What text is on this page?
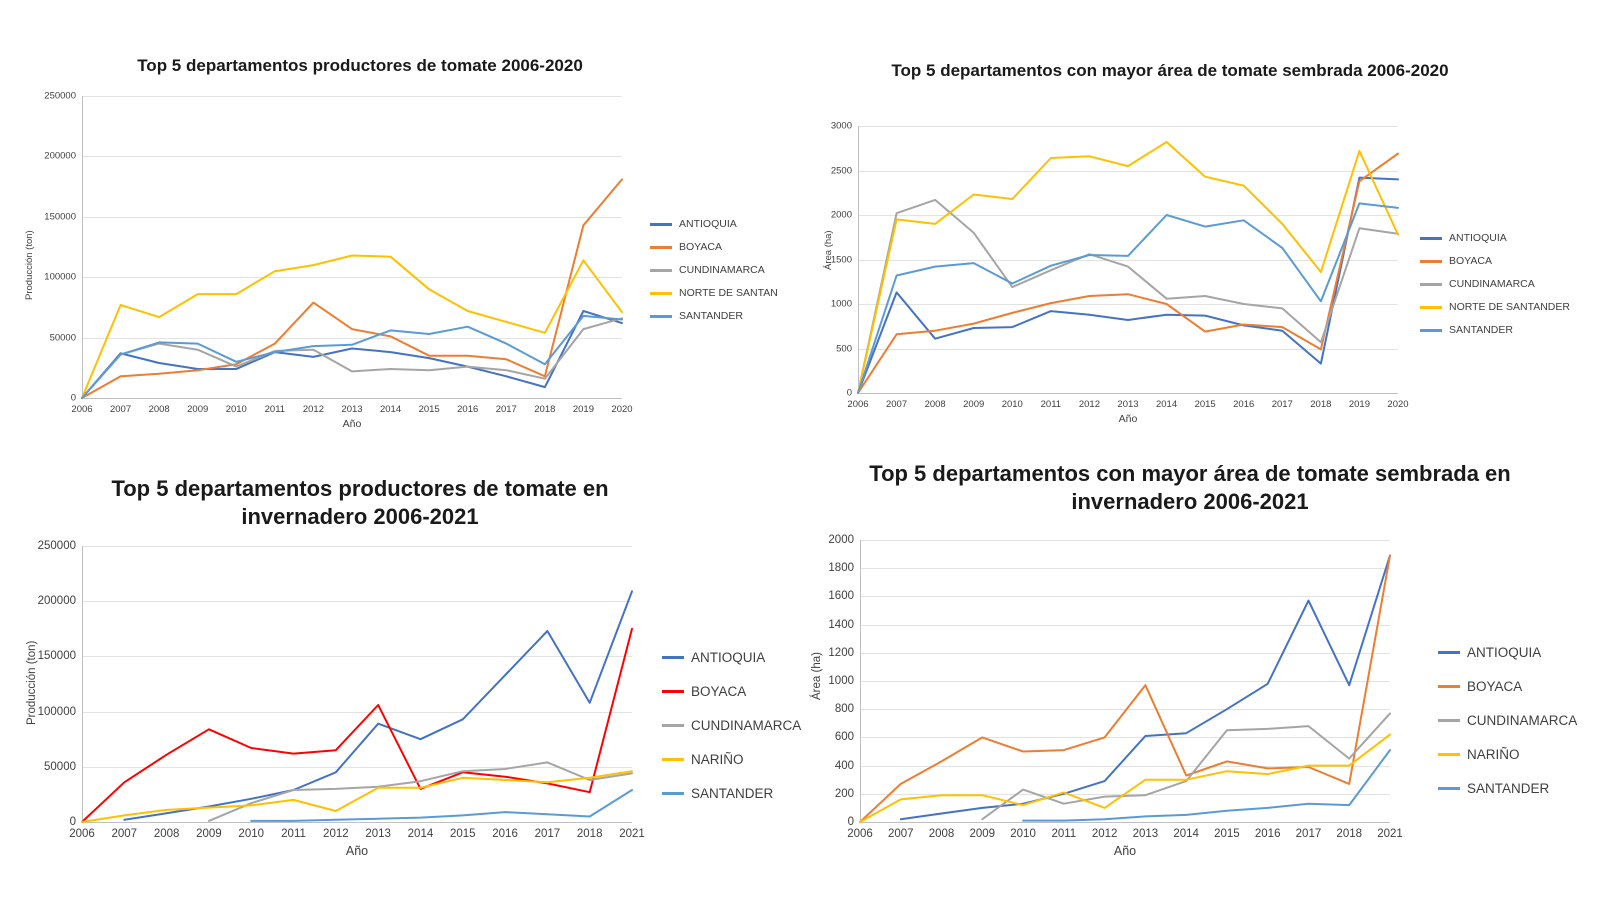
Top 5 departamentos productores de tomate 2006-2020
Producción (ton)
0
50000
100000
150000
200000
250000
2006 2007 2008 2009 2010 2011 2012 2013 2014 2015 2016 2017 2018 2019 2020
Año
ANTIOQUIA
BOYACA
CUNDINAMARCA
NORTE DE SANTAN
SANTANDER
Top 5 departamentos con mayor área de tomate sembrada 2006-2020
Área (ha)
0
500
1000
1500
2000
2500
3000
2006 2007 2008 2009 2010 2011 2012 2013 2014 2015 2016 2017 2018 2019 2020
Año
ANTIOQUIA
BOYACA
CUNDINAMARCA
NORTE DE SANTANDER
SANTANDER
Top 5 departamentos productores de tomate en invernadero 2006-2021
Producción (ton)
0
50000
100000
150000
200000
250000
2006 2007 2008 2009 2010 2011 2012 2013 2014 2015 2016 2017 2018 2021
Año
ANTIOQUIA
BOYACA
CUNDINAMARCA
NARIÑO
SANTANDER
Top 5 departamentos con mayor área de tomate sembrada en invernadero 2006-2021
Área (ha)
0
200
400
600
800
1000
1200
1400
1600
1800
2000
2006 2007 2008 2009 2010 2011 2012 2013 2014 2015 2016 2017 2018 2021
Año
ANTIOQUIA
BOYACA
CUNDINAMARCA
NARIÑO
SANTANDER
